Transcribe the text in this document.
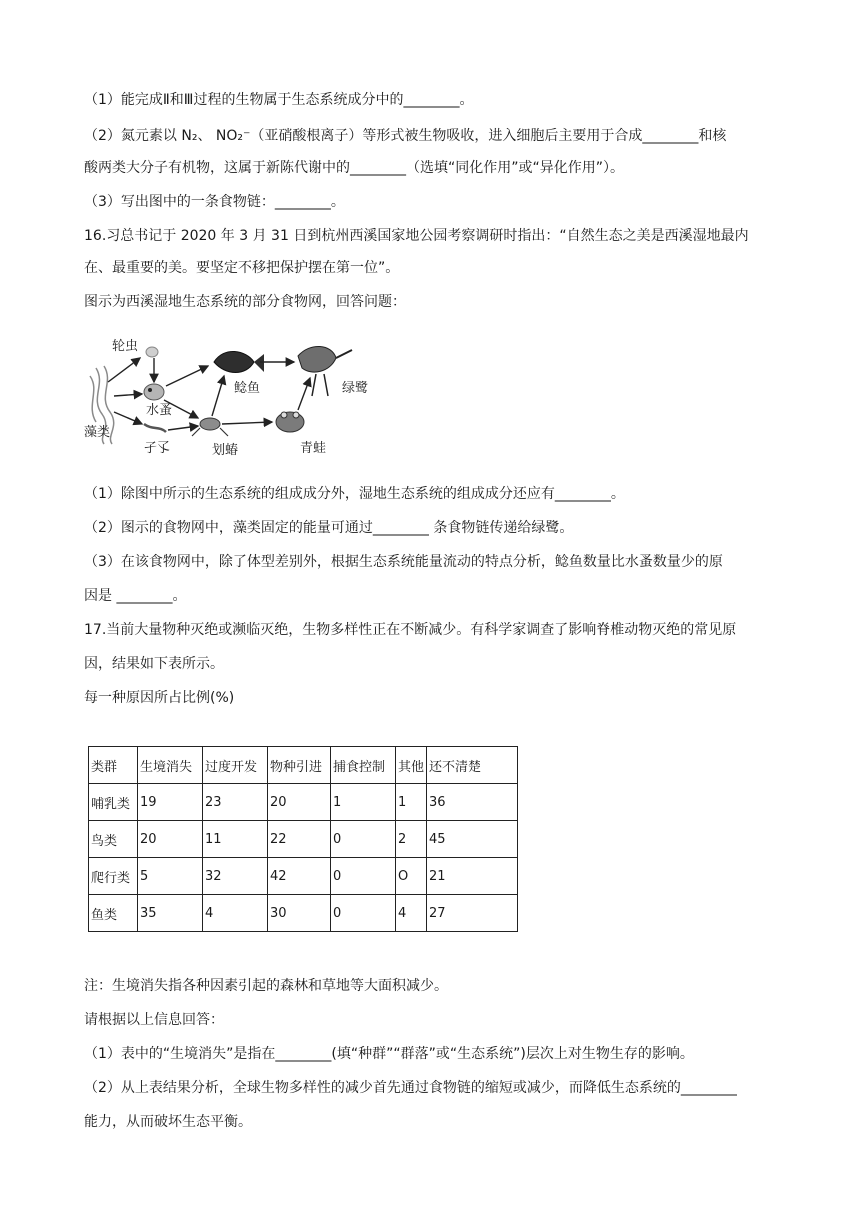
（1）能完成Ⅱ和Ⅲ过程的生物属于生态系统成分中的________。
（2）氮元素以 N₂、 NO₂⁻（亚硝酸根离子）等形式被生物吸收，进入细胞后主要用于合成________和核
酸两类大分子有机物，这属于新陈代谢中的________（选填“同化作用”或“异化作用”）。
（3）写出图中的一条食物链：________。
16.习总书记于 2020 年 3 月 31 日到杭州西溪国家地公园考察调研时指出：“自然生态之美是西溪湿地最内
在、最重要的美。要坚定不移把保护摆在第一位”。
图示为西溪湿地生态系统的部分食物网，回答问题：
轮虫
藻类
水蚤
孑孓	划蝽
鲶鱼
青蛙
绿鹭
（1）除图中所示的生态系统的组成成分外，湿地生态系统的组成成分还应有________。
（2）图示的食物网中，藻类固定的能量可通过________ 条食物链传递给绿鹭。
（3）在该食物网中，除了体型差别外，根据生态系统能量流动的特点分析，鲶鱼数量比水蚤数量少的原
因是 ________。
17.当前大量物种灭绝或濒临灭绝，生物多样性正在不断减少。有科学家调查了影响脊椎动物灭绝的常见原
因，结果如下表所示。
每一种原因所占比例(%)
类群	生境消失	过度开发	物种引进	捕食控制	其他	还不清楚
哺乳类	19	23	20	1	1	36
鸟类	20	11	22	0	2	45
爬行类	5	32	42	0	O	21
鱼类	35	4	30	0	4	27
注：生境消失指各种因素引起的森林和草地等大面积减少。
请根据以上信息回答：
（1）表中的“生境消失”是指在________(填“种群”“群落”或“生态系统”)层次上对生物生存的影响。
（2）从上表结果分析，全球生物多样性的减少首先通过食物链的缩短或减少，而降低生态系统的________
能力，从而破坏生态平衡。
